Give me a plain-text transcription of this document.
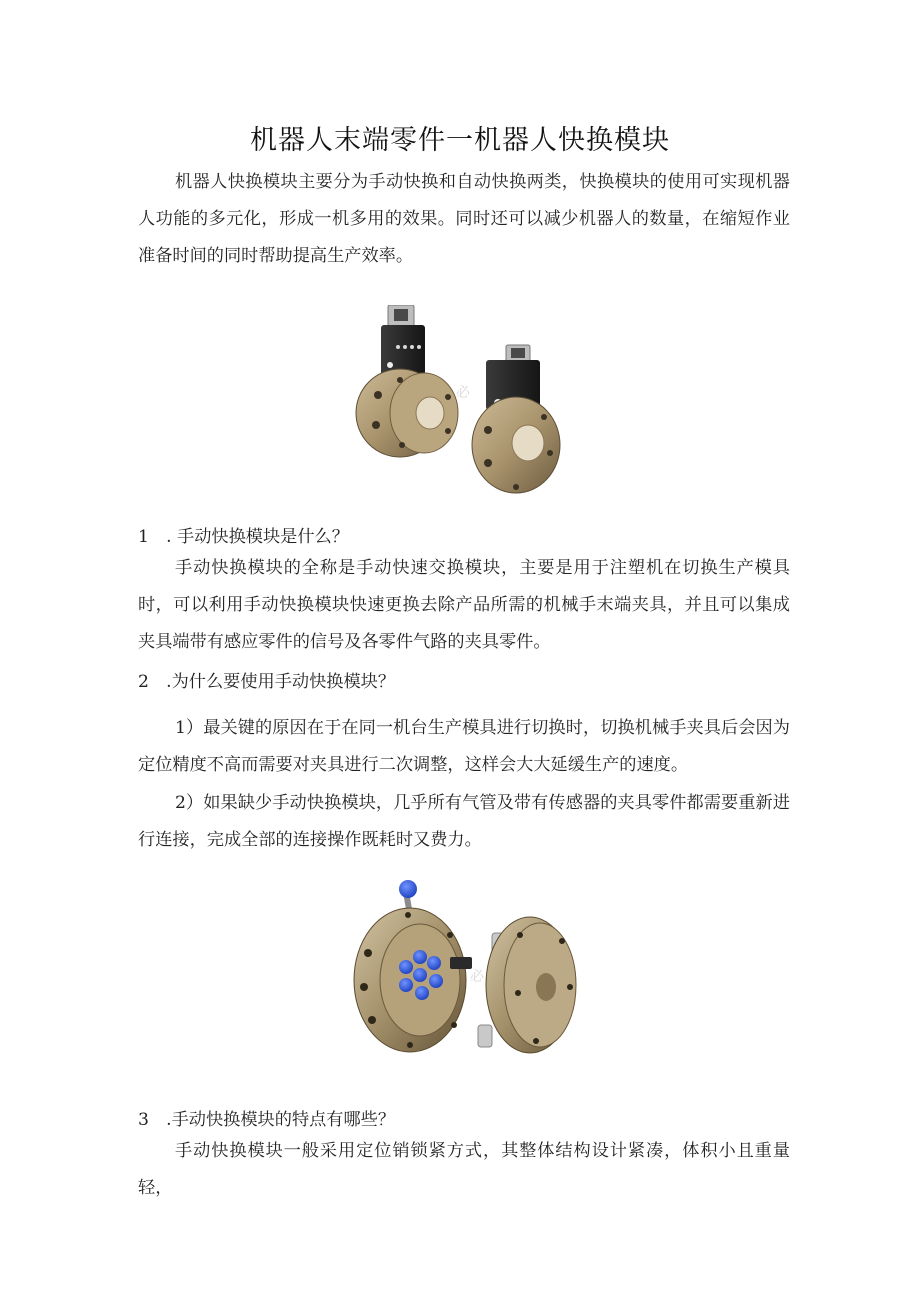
机器人末端零件一机器人快换模块

机器人快换模块主要分为手动快换和自动快换两类，快换模块的使用可实现机器人功能的多元化，形成一机多用的效果。同时还可以减少机器人的数量，在缩短作业准备时间的同时帮助提高生产效率。

必

1　. 手动快换模块是什么？

手动快换模块的全称是手动快速交换模块，主要是用于注塑机在切换生产模具时，可以利用手动快换模块快速更换去除产品所需的机械手末端夹具，并且可以集成夹具端带有感应零件的信号及各零件气路的夹具零件。

2　.为什么要使用手动快换模块？

1）最关键的原因在于在同一机台生产模具进行切换时，切换机械手夹具后会因为定位精度不高而需要对夹具进行二次调整，这样会大大延缓生产的速度。

2）如果缺少手动快换模块，几乎所有气管及带有传感器的夹具零件都需要重新进行连接，完成全部的连接操作既耗时又费力。

必

3　.手动快换模块的特点有哪些？

手动快换模块一般采用定位销锁紧方式，其整体结构设计紧凑，体积小且重量轻，
